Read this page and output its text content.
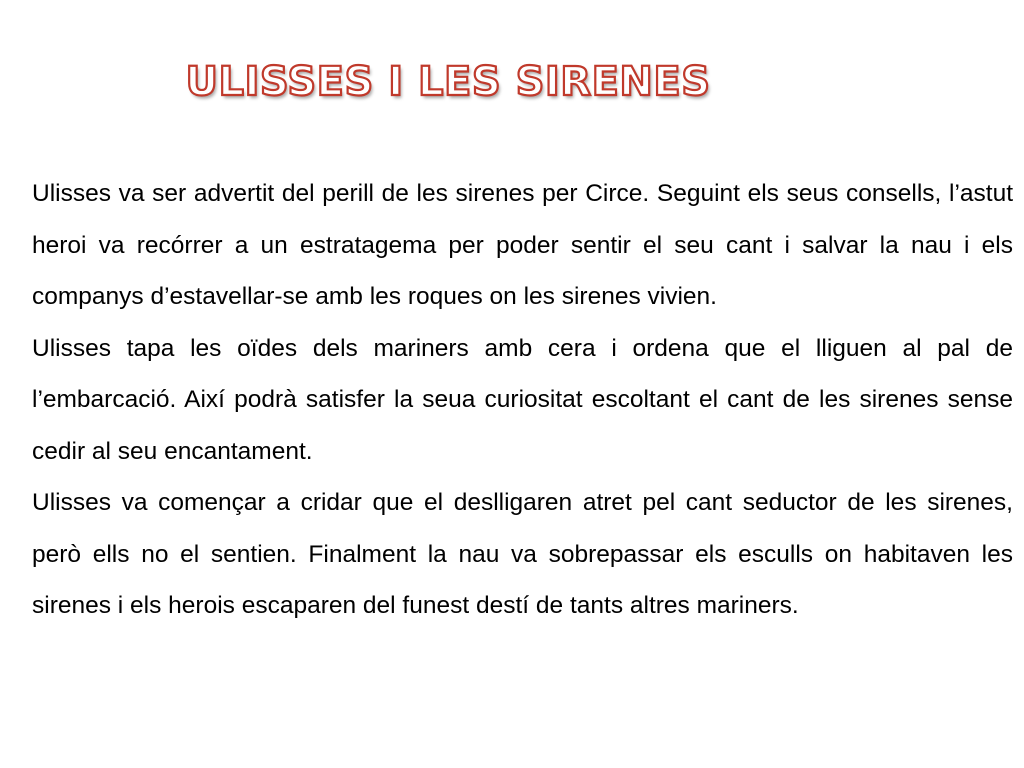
ULISSES I LES SIRENES

Ulisses va ser advertit del perill de les sirenes per Circe. Seguint els seus consells, l’astut heroi va recórrer a un estratagema per poder sentir el seu cant i salvar la nau i els companys d’estavellar-se amb les roques on les sirenes vivien.

Ulisses tapa les oïdes dels mariners amb cera i ordena que el lliguen al pal de l’embarcació. Així podrà satisfer la seua curiositat escoltant el cant de les sirenes sense cedir al seu encantament.

Ulisses va començar a cridar que el deslligaren atret pel cant seductor de les sirenes, però ells no el sentien. Finalment la nau va sobrepassar els esculls on habitaven les sirenes i els herois escaparen del funest destí de tants altres mariners.
